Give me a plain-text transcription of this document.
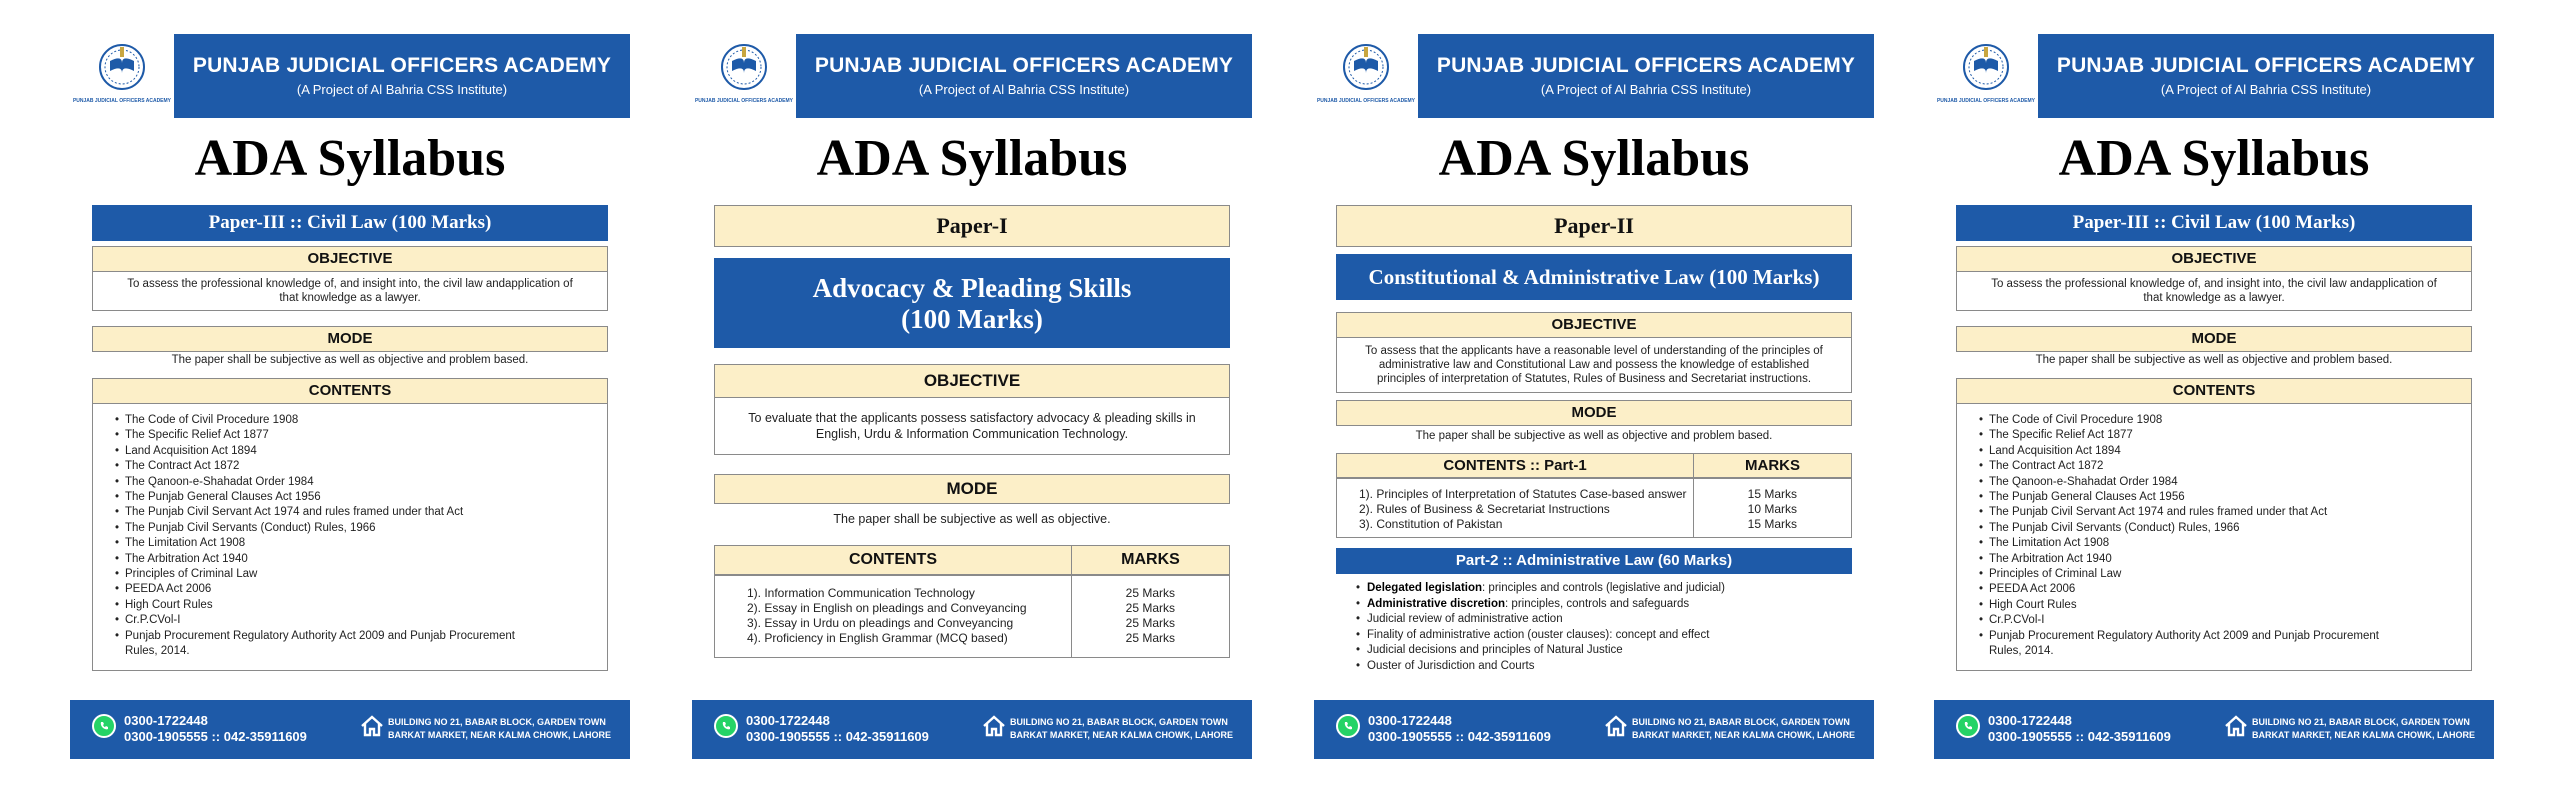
PUNJAB JUDICIAL OFFICERS ACADEMY
PUNJAB JUDICIAL OFFICERS ACADEMY
(A Project of Al Bahria CSS Institute)
ADA Syllabus
Paper-III :: Civil Law (100 Marks)
OBJECTIVE
To assess the professional knowledge of, and insight into, the civil law andapplication of
that knowledge as a lawyer.
MODE
The paper shall be subjective as well as objective and problem based.
CONTENTS
• The Code of Civil Procedure 1908
• The Specific Relief Act 1877
• Land Acquisition Act 1894
• The Contract Act 1872
• The Qanoon-e-Shahadat Order 1984
• The Punjab General Clauses Act 1956
• The Punjab Civil Servant Act 1974 and rules framed under that Act
• The Punjab Civil Servants (Conduct) Rules, 1966
• The Limitation Act 1908
• The Arbitration Act 1940
• Principles of Criminal Law
• PEEDA Act 2006
• High Court Rules
• Cr.P.CVol-I
• Punjab Procurement Regulatory Authority Act 2009 and Punjab Procurement
Rules, 2014.
0300-1722448
0300-1905555 :: 042-35911609
BUILDING NO 21, BABAR BLOCK, GARDEN TOWN
BARKAT MARKET, NEAR KALMA CHOWK, LAHORE
PUNJAB JUDICIAL OFFICERS ACADEMY
PUNJAB JUDICIAL OFFICERS ACADEMY
(A Project of Al Bahria CSS Institute)
ADA Syllabus
Paper-I
Advocacy & Pleading Skills
(100 Marks)
OBJECTIVE
To evaluate that the applicants possess satisfactory advocacy & pleading skills in
English, Urdu & Information Communication Technology.
MODE
The paper shall be subjective as well as objective.
CONTENTS	MARKS
1). Information Communication Technology
2). Essay in English on pleadings and Conveyancing
3). Essay in Urdu on pleadings and Conveyancing
4). Proficiency in English Grammar (MCQ based)
25 Marks
25 Marks
25 Marks
25 Marks
0300-1722448
0300-1905555 :: 042-35911609
BUILDING NO 21, BABAR BLOCK, GARDEN TOWN
BARKAT MARKET, NEAR KALMA CHOWK, LAHORE
PUNJAB JUDICIAL OFFICERS ACADEMY
PUNJAB JUDICIAL OFFICERS ACADEMY
(A Project of Al Bahria CSS Institute)
ADA Syllabus
Paper-II
Constitutional & Administrative Law (100 Marks)
OBJECTIVE
To assess that the applicants have a reasonable level of understanding of the principles of
administrative law and Constitutional Law and possess the knowledge of established
principles of interpretation of Statutes, Rules of Business and Secretariat instructions.
MODE
The paper shall be subjective as well as objective and problem based.
CONTENTS :: Part-1	MARKS
1). Principles of Interpretation of Statutes Case-based answer
2). Rules of Business & Secretariat Instructions
3). Constitution of Pakistan
15 Marks
10 Marks
15 Marks
Part-2 :: Administrative Law (60 Marks)
• Delegated legislation: principles and controls (legislative and judicial)
• Administrative discretion: principles, controls and safeguards
• Judicial review of administrative action
• Finality of administrative action (ouster clauses): concept and effect
• Judicial decisions and principles of Natural Justice
• Ouster of Jurisdiction and Courts
0300-1722448
0300-1905555 :: 042-35911609
BUILDING NO 21, BABAR BLOCK, GARDEN TOWN
BARKAT MARKET, NEAR KALMA CHOWK, LAHORE
PUNJAB JUDICIAL OFFICERS ACADEMY
PUNJAB JUDICIAL OFFICERS ACADEMY
(A Project of Al Bahria CSS Institute)
ADA Syllabus
Paper-III :: Civil Law (100 Marks)
OBJECTIVE
To assess the professional knowledge of, and insight into, the civil law andapplication of
that knowledge as a lawyer.
MODE
The paper shall be subjective as well as objective and problem based.
CONTENTS
• The Code of Civil Procedure 1908
• The Specific Relief Act 1877
• Land Acquisition Act 1894
• The Contract Act 1872
• The Qanoon-e-Shahadat Order 1984
• The Punjab General Clauses Act 1956
• The Punjab Civil Servant Act 1974 and rules framed under that Act
• The Punjab Civil Servants (Conduct) Rules, 1966
• The Limitation Act 1908
• The Arbitration Act 1940
• Principles of Criminal Law
• PEEDA Act 2006
• High Court Rules
• Cr.P.CVol-I
• Punjab Procurement Regulatory Authority Act 2009 and Punjab Procurement
Rules, 2014.
0300-1722448
0300-1905555 :: 042-35911609
BUILDING NO 21, BABAR BLOCK, GARDEN TOWN
BARKAT MARKET, NEAR KALMA CHOWK, LAHORE
